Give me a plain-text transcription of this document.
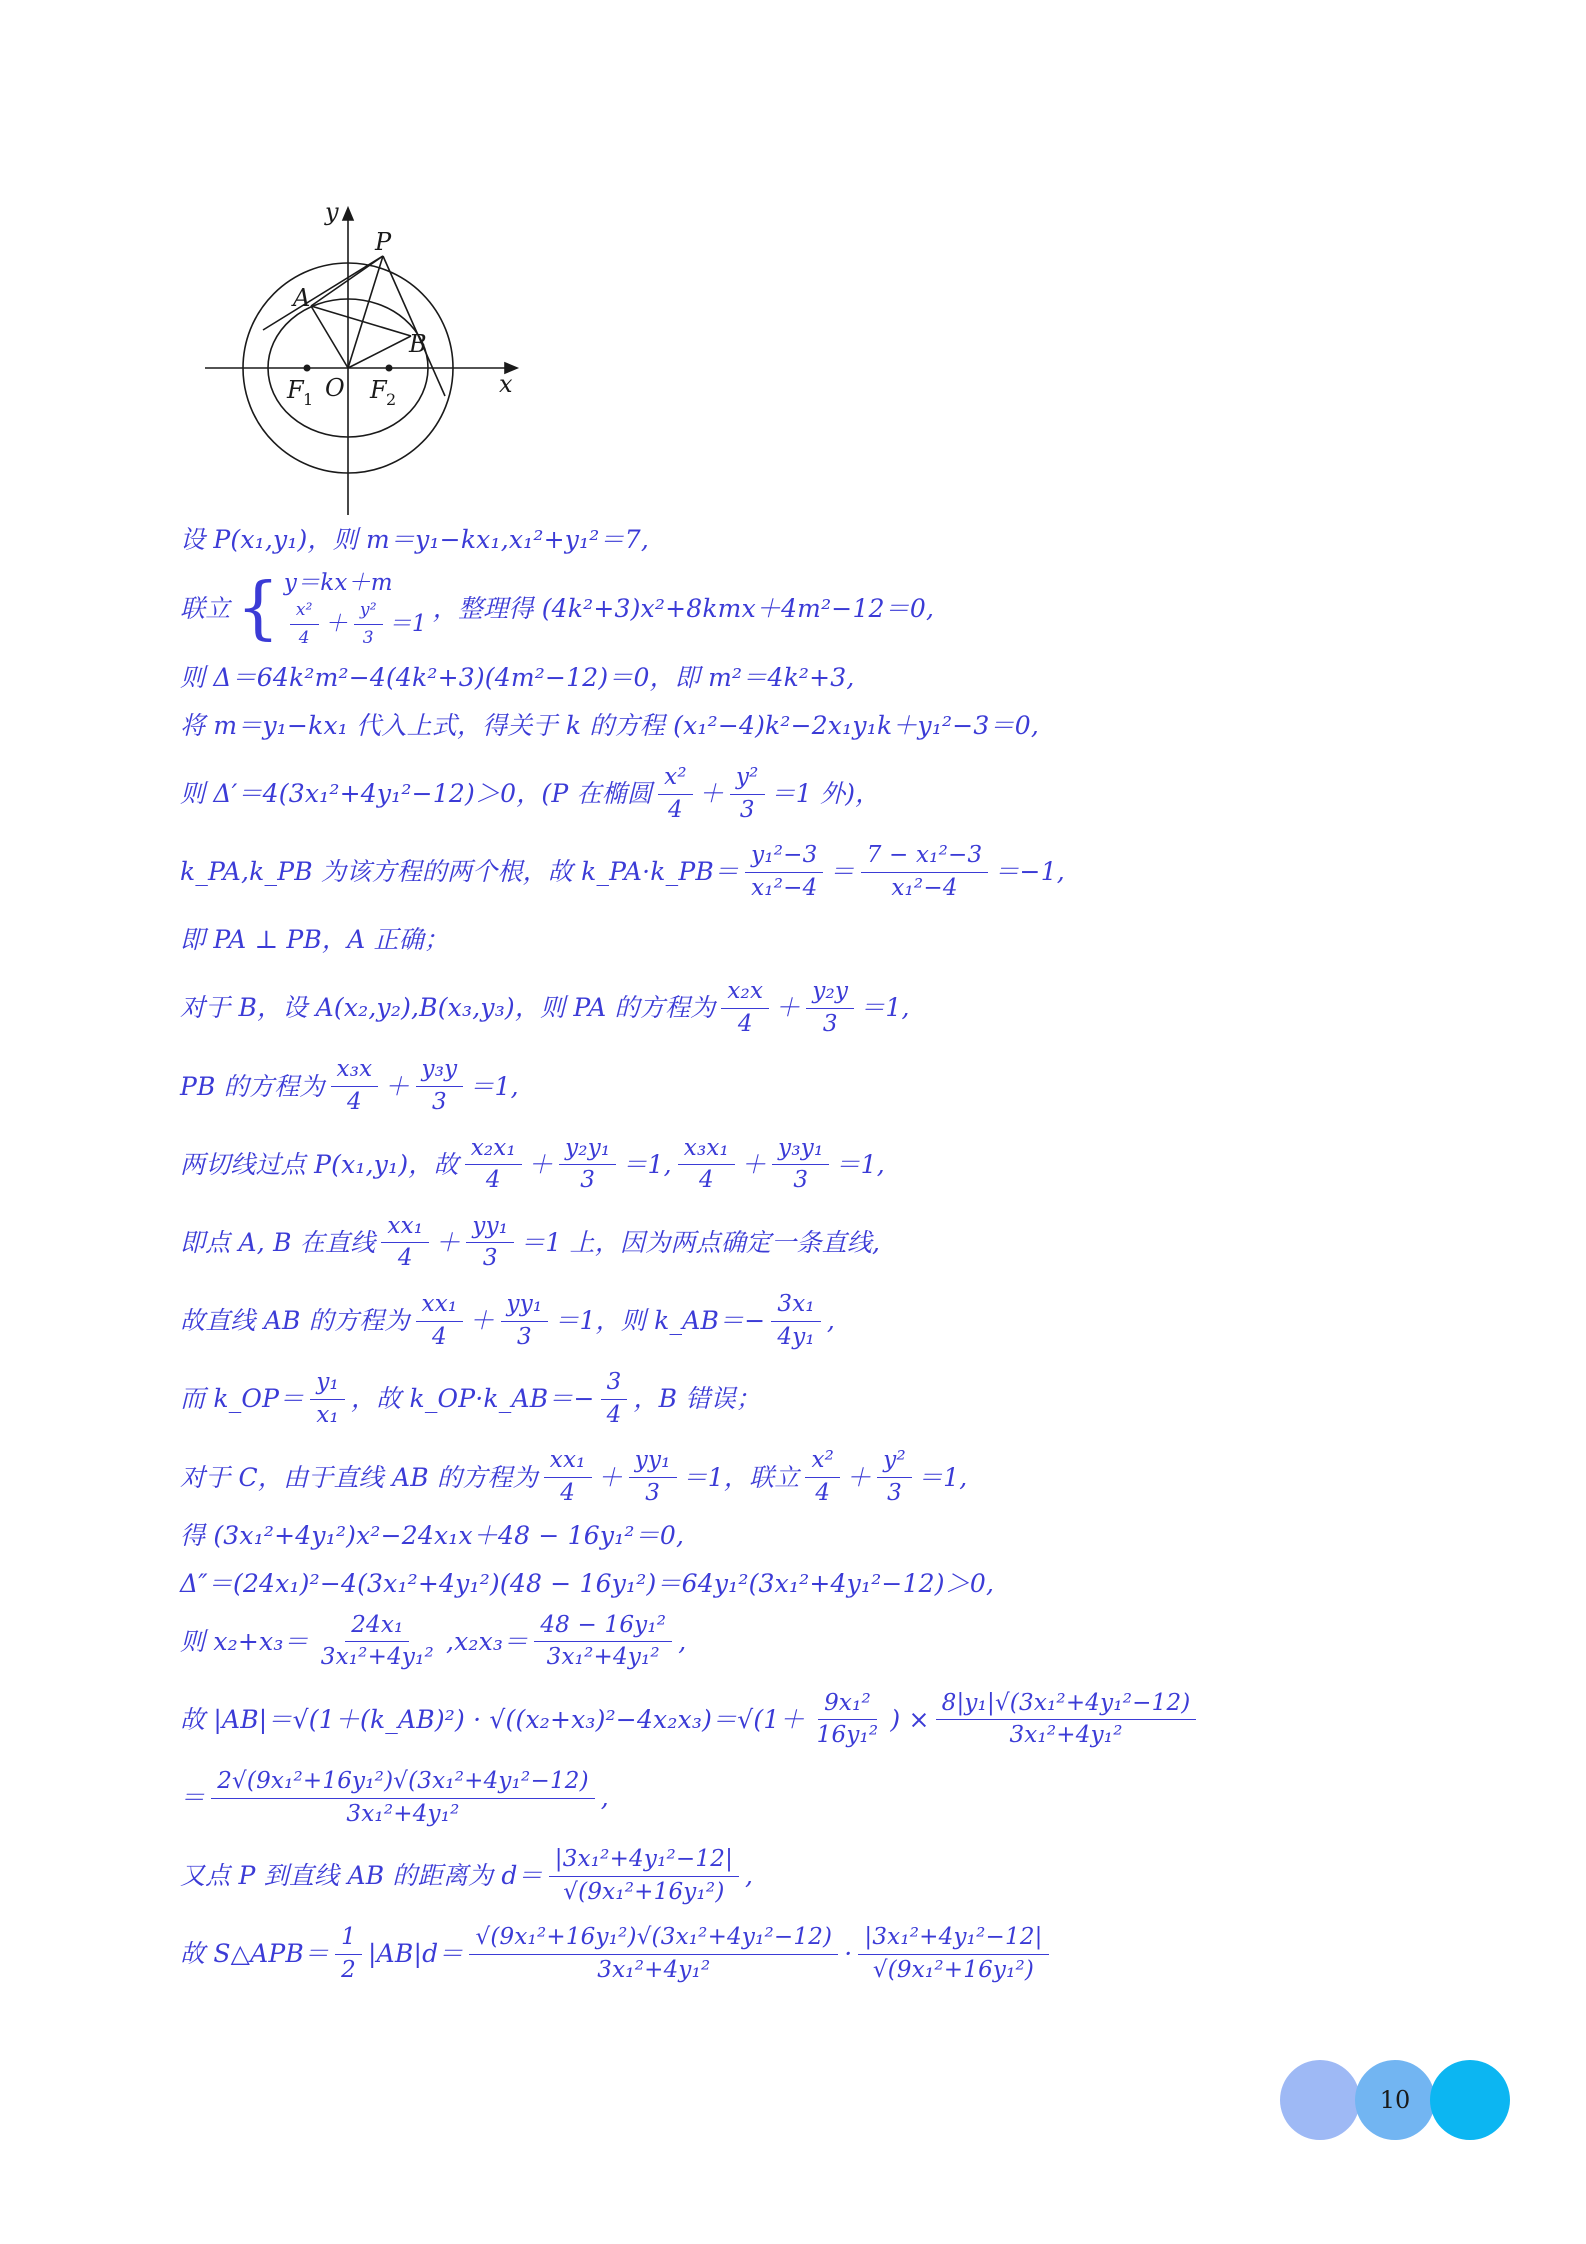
y
x
P
A
B
O
F 1 F 2
设 P(x₁,y₁)，则 m＝y₁−kx₁,x₁²+y₁²＝7,
联立 { y＝kx＋m
$\frac{\text{x²}}{4} + \frac{\text{y²}}{3} =1$
，整理得 (4k²+3)x²+8kmx＋4m²−12＝0,
则 Δ＝64k²m²−4(4k²+3)(4m²−12)＝0，即 m²＝4k²+3,
将 m＝y₁−kx₁ 代入上式，得关于 k 的方程 (x₁²−4)k²−2x₁y₁k＋y₁²−3＝0,
则 Δ′＝4(3x₁²+4y₁²−12)＞0，(P 在椭圆 $\frac{\text{x²}}{4} + \frac{\text{y²}}{3} =1$ 外)，
k_PA,k_PB 为该方程的两个根，故 k_PA·k_PB＝ $\frac{\text{y₁²−3}}{\text{x₁²−4}} = \frac{\text{7 − x₁²−3}}{\text{x₁²−4}} =-1$,
即 PA ⊥ PB，A 正确；
对于 B，设 A(x₂,y₂),B(x₃,y₃)，则 PA 的方程为 $\frac{\text{x₂x}}{4} + \frac{\text{y₂y}}{3} =1$,
PB 的方程为 $\frac{\text{x₃x}}{4} + \frac{\text{y₃y}}{3} =1$,
两切线过点 P(x₁,y₁)，故 $\frac{\text{x₂x₁}}{4} + \frac{\text{y₂y₁}}{3} =1$, $\frac{\text{x₃x₁}}{4} + \frac{\text{y₃y₁}}{3} =1$,
即点 A, B 在直线 $\frac{\text{xx₁}}{4} + \frac{\text{yy₁}}{3} =1$ 上，因为两点确定一条直线,
故直线 AB 的方程为 $\frac{\text{xx₁}}{4} + \frac{\text{yy₁}}{3} =1$，则 k_AB＝− $\frac{\text{3x₁}}{\text{4y₁}}$ ,
而 k_OP＝ $\frac{\text{y₁}}{\text{x₁}}$ ，故 k_OP·k_AB＝− $\frac{3}{4}$ ，B 错误；
对于 C，由于直线 AB 的方程为 $\frac{\text{xx₁}}{4} + \frac{\text{yy₁}}{3} =1$，联立 $\frac{\text{x²}}{4} + \frac{\text{y²}}{3} =1$,
得 (3x₁²+4y₁²)x²−24x₁x＋48 − 16y₁²＝0,
Δ″＝(24x₁)²−4(3x₁²+4y₁²)(48 − 16y₁²)＝64y₁²(3x₁²+4y₁²−12)＞0,
则 $x_2+x_3= \frac{\text{24x₁}}{\text{3x₁²+4y₁²}} ,x_2x_3= \frac{\text{48 − 16y₁²}}{\text{3x₁²+4y₁²}}$ ,
故 |AB|＝√(1＋(k_AB)²) · $√((x_2+x_3)^2-4x_2x_3)=√(1+ \frac{\text{9x₁²}}{\text{16y₁²}}$ ) × $\frac{\text{8|y₁|√(3x₁²+4y₁²−12)}}{\text{3x₁²+4y₁²}}$
＝ $\frac{\text{2√(9x₁²+16y₁²)√(3x₁²+4y₁²−12)}}{\text{3x₁²+4y₁²}}$ ,
又点 P 到直线 AB 的距离为 $d= \frac{\text{|3x₁²+4y₁²−12|}}{\text{√(9x₁²+16y₁²)}}$ ,
故 S△APB＝ $\frac{1}{2} |AB|d= \frac{\text{√(9x₁²+16y₁²)√(3x₁²+4y₁²−12)}}{\text{3x₁²+4y₁²}} \cdot \frac{\text{|3x₁²+4y₁²−12|}}{\text{√(9x₁²+16y₁²)}}$
10
